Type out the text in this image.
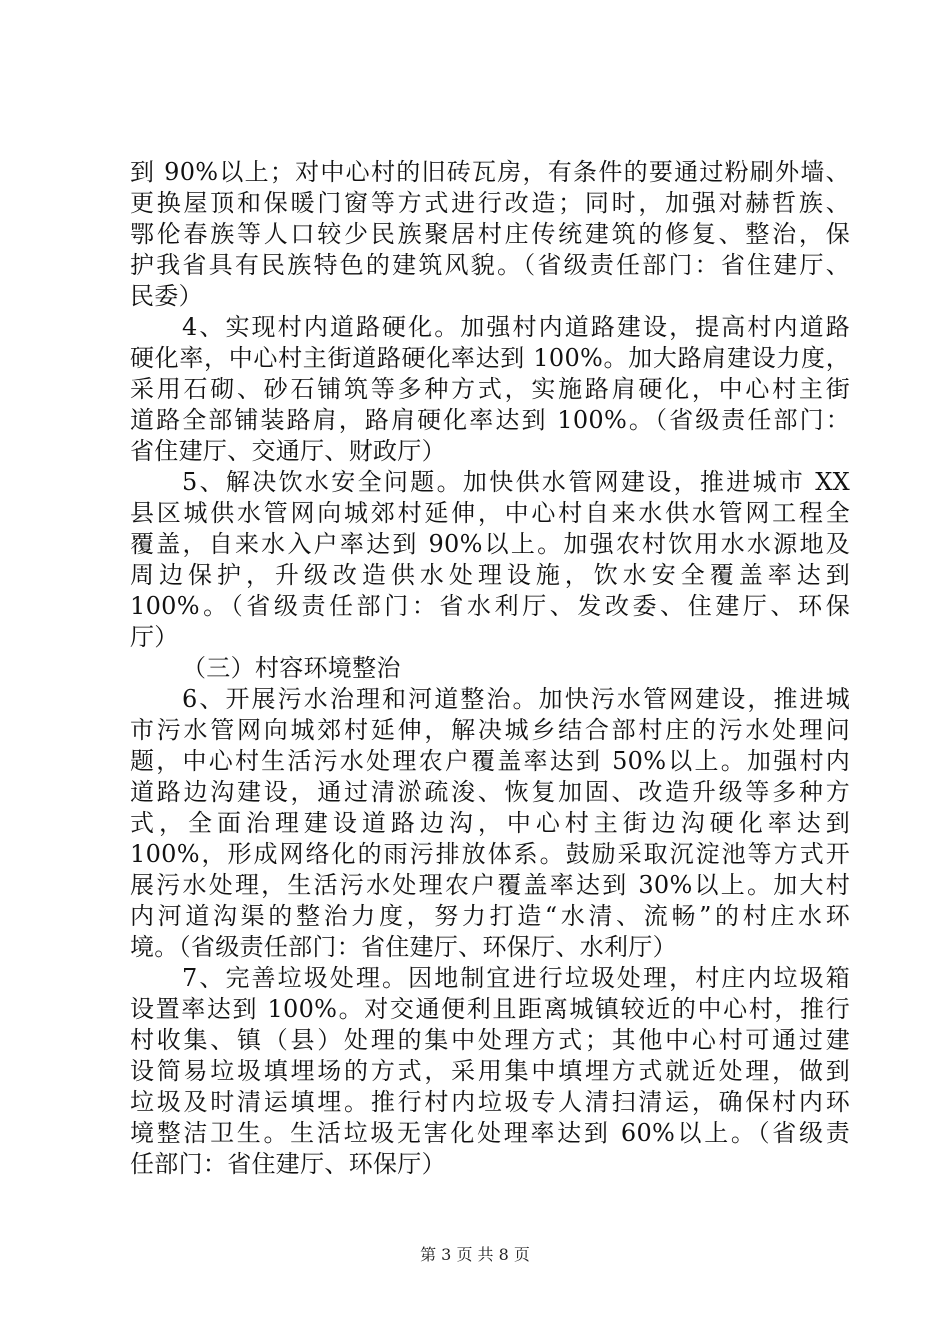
到 90%以上；对中心村的旧砖瓦房，有条件的要通过粉刷外墙、
更换屋顶和保暖门窗等方式进行改造；同时，加强对赫哲族、
鄂伦春族等人口较少民族聚居村庄传统建筑的修复、整治，保
护我省具有民族特色的建筑风貌。（省级责任部门：省住建厅、
民委）
4、实现村内道路硬化。加强村内道路建设，提高村内道路
硬化率，中心村主街道路硬化率达到 100%。加大路肩建设力度，
采用石砌、砂石铺筑等多种方式，实施路肩硬化，中心村主街
道路全部铺装路肩，路肩硬化率达到 100%。（省级责任部门：
省住建厅、交通厅、财政厅）
5、解决饮水安全问题。加快供水管网建设，推进城市 XX
县区城供水管网向城郊村延伸，中心村自来水供水管网工程全
覆盖，自来水入户率达到 90%以上。加强农村饮用水水源地及
周边保护，升级改造供水处理设施，饮水安全覆盖率达到
100%。（省级责任部门：省水利厅、发改委、住建厅、环保
厅）
（三）村容环境整治
6、开展污水治理和河道整治。加快污水管网建设，推进城
市污水管网向城郊村延伸，解决城乡结合部村庄的污水处理问
题，中心村生活污水处理农户覆盖率达到 50%以上。加强村内
道路边沟建设，通过清淤疏浚、恢复加固、改造升级等多种方
式，全面治理建设道路边沟，中心村主街边沟硬化率达到
100%，形成网络化的雨污排放体系。鼓励采取沉淀池等方式开
展污水处理，生活污水处理农户覆盖率达到 30%以上。加大村
内河道沟渠的整治力度，努力打造“水清、流畅”的村庄水环
境。（省级责任部门：省住建厅、环保厅、水利厅）
7、完善垃圾处理。因地制宜进行垃圾处理，村庄内垃圾箱
设置率达到 100%。对交通便利且距离城镇较近的中心村，推行
村收集、镇（县）处理的集中处理方式；其他中心村可通过建
设简易垃圾填埋场的方式，采用集中填埋方式就近处理，做到
垃圾及时清运填埋。推行村内垃圾专人清扫清运，确保村内环
境整洁卫生。生活垃圾无害化处理率达到 60%以上。（省级责
任部门：省住建厅、环保厅）
第 3 页 共 8 页
